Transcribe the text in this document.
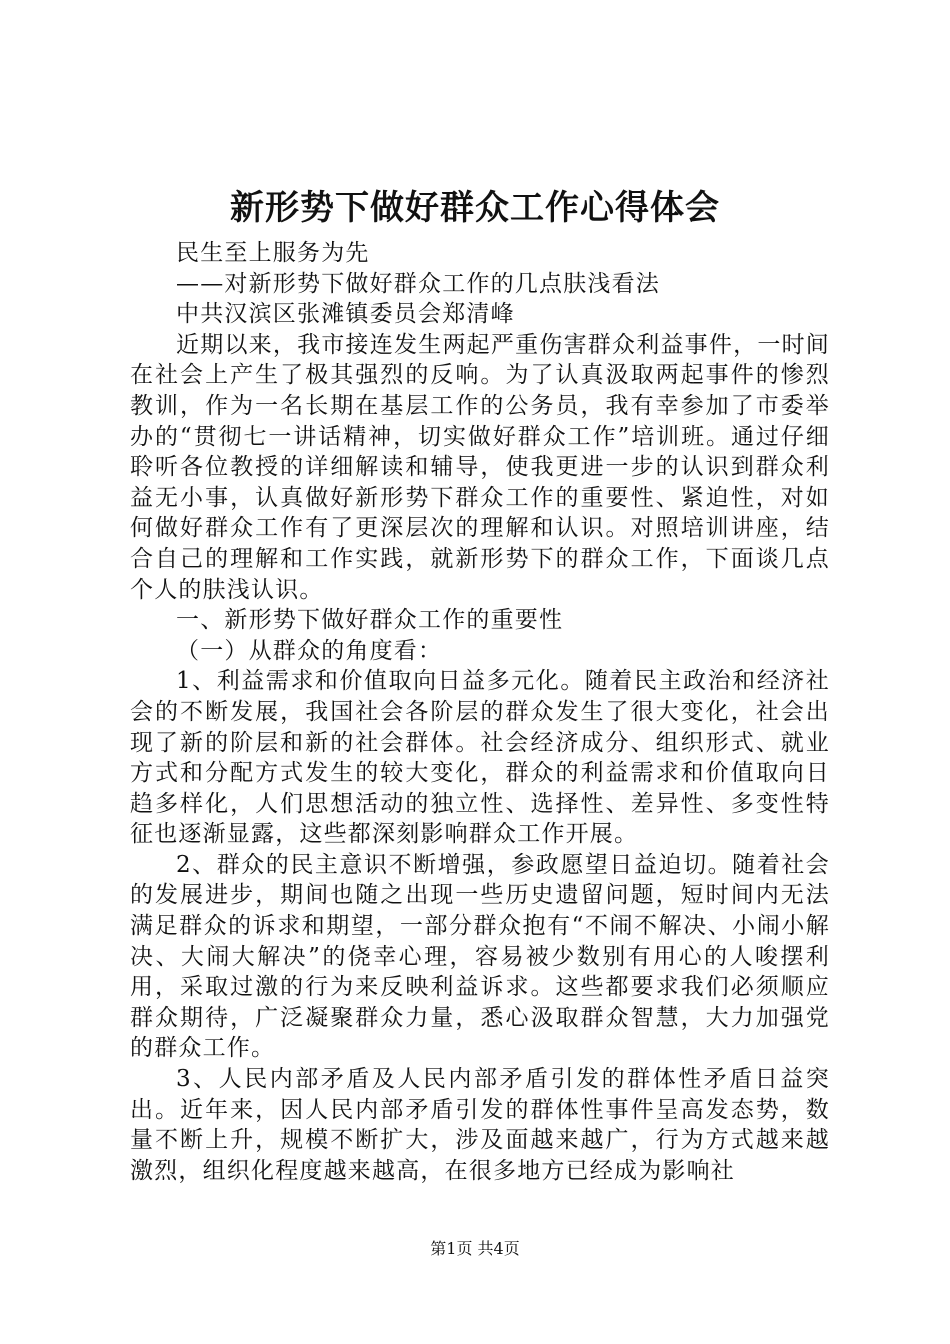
新形势下做好群众工作心得体会
民生至上服务为先
——对新形势下做好群众工作的几点肤浅看法
中共汉滨区张滩镇委员会郑清峰

近期以来，我市接连发生两起严重伤害群众利益事件，一时间在社会上产生了极其强烈的反响。为了认真汲取两起事件的惨烈教训，作为一名长期在基层工作的公务员，我有幸参加了市委举办的“贯彻七一讲话精神，切实做好群众工作”培训班。通过仔细聆听各位教授的详细解读和辅导，使我更进一步的认识到群众利益无小事，认真做好新形势下群众工作的重要性、紧迫性，对如何做好群众工作有了更深层次的理解和认识。对照培训讲座，结合自己的理解和工作实践，就新形势下的群众工作，下面谈几点个人的肤浅认识。

一、新形势下做好群众工作的重要性

（一）从群众的角度看：

1、利益需求和价值取向日益多元化。随着民主政治和经济社会的不断发展，我国社会各阶层的群众发生了很大变化，社会出现了新的阶层和新的社会群体。社会经济成分、组织形式、就业方式和分配方式发生的较大变化，群众的利益需求和价值取向日趋多样化，人们思想活动的独立性、选择性、差异性、多变性特征也逐渐显露，这些都深刻影响群众工作开展。

2、群众的民主意识不断增强，参政愿望日益迫切。随着社会的发展进步，期间也随之出现一些历史遗留问题，短时间内无法满足群众的诉求和期望，一部分群众抱有“不闹不解决、小闹小解决、大闹大解决”的侥幸心理，容易被少数别有用心的人唆摆利用，采取过激的行为来反映利益诉求。这些都要求我们必须顺应群众期待，广泛凝聚群众力量，悉心汲取群众智慧，大力加强党的群众工作。

3、人民内部矛盾及人民内部矛盾引发的群体性矛盾日益突出。近年来，因人民内部矛盾引发的群体性事件呈高发态势，数量不断上升，规模不断扩大，涉及面越来越广，行为方式越来越激烈，组织化程度越来越高，在很多地方已经成为影响社

第1页 共4页
